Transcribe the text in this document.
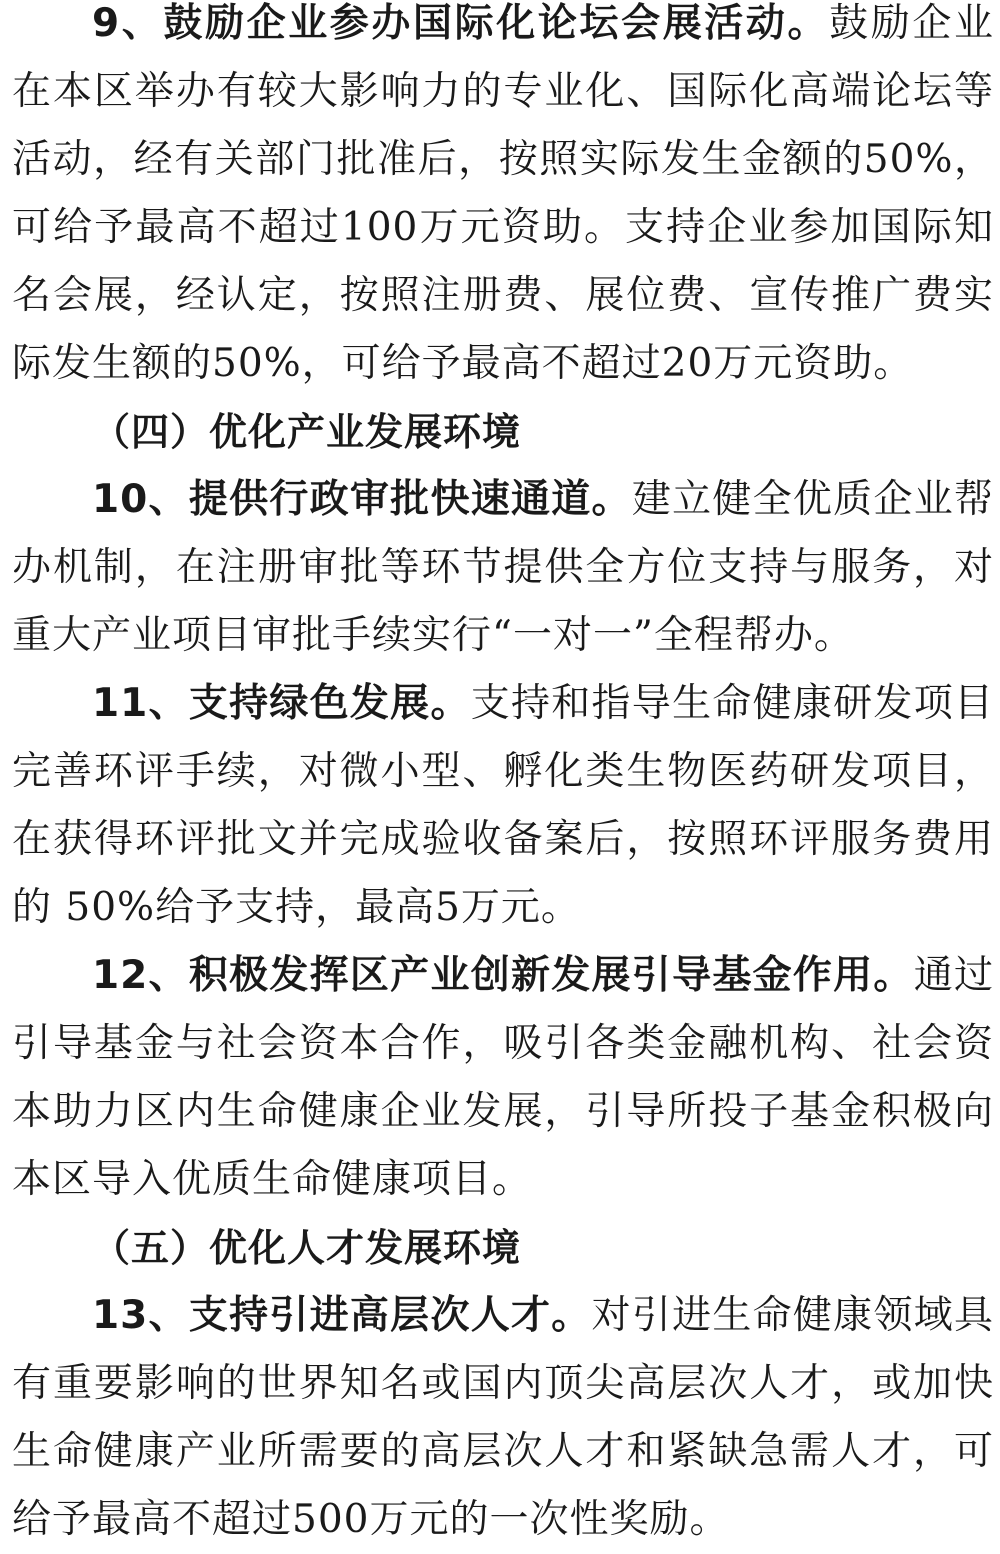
9、鼓励企业参办国际化论坛会展活动。鼓励企业在本区举办有较大影响力的专业化、国际化高端论坛等活动，经有关部门批准后，按照实际发生金额的50%，可给予最高不超过100万元资助。支持企业参加国际知名会展，经认定，按照注册费、展位费、宣传推广费实际发生额的50%，可给予最高不超过20万元资助。

（四）优化产业发展环境

10、提供行政审批快速通道。建立健全优质企业帮办机制，在注册审批等环节提供全方位支持与服务，对重大产业项目审批手续实行“一对一”全程帮办。

11、支持绿色发展。支持和指导生命健康研发项目完善环评手续，对微小型、孵化类生物医药研发项目，在获得环评批文并完成验收备案后，按照环评服务费用的 50%给予支持，最高5万元。

12、积极发挥区产业创新发展引导基金作用。通过引导基金与社会资本合作，吸引各类金融机构、社会资本助力区内生命健康企业发展，引导所投子基金积极向本区导入优质生命健康项目。

（五）优化人才发展环境

13、支持引进高层次人才。对引进生命健康领域具有重要影响的世界知名或国内顶尖高层次人才，或加快生命健康产业所需要的高层次人才和紧缺急需人才，可给予最高不超过500万元的一次性奖励。
